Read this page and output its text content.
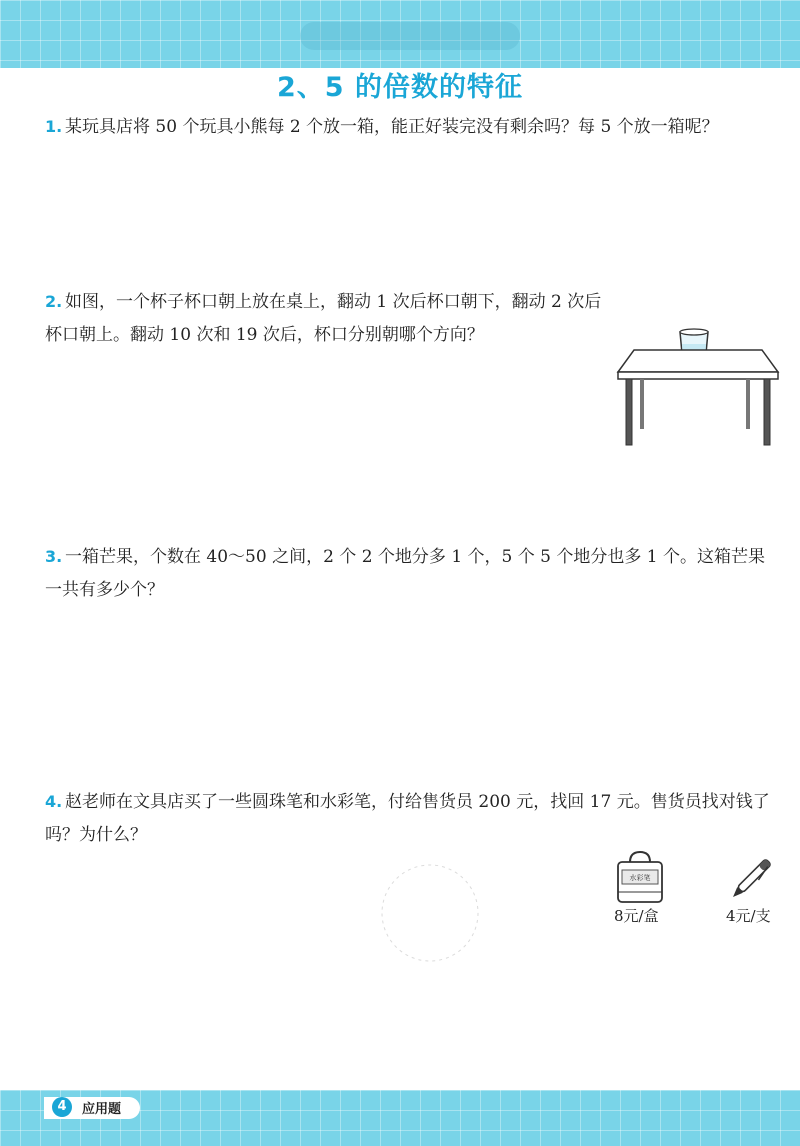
2、5 的倍数的特征
1. 某玩具店将 50 个玩具小熊每 2 个放一箱，能正好装完没有剩余吗？每 5 个放一箱呢？
2. 如图，一个杯子杯口朝上放在桌上，翻动 1 次后杯口朝下，翻动 2 次后杯口朝上。翻动 10 次和 19 次后，杯口分别朝哪个方向？
3. 一箱芒果，个数在 40～50 之间，2 个 2 个地分多 1 个，5 个 5 个地分也多 1 个。这箱芒果一共有多少个？
4. 赵老师在文具店买了一些圆珠笔和水彩笔，付给售货员 200 元，找回 17 元。售货员找对钱了吗？为什么？
水彩笔
8元/盒	4元/支
4	应用题
